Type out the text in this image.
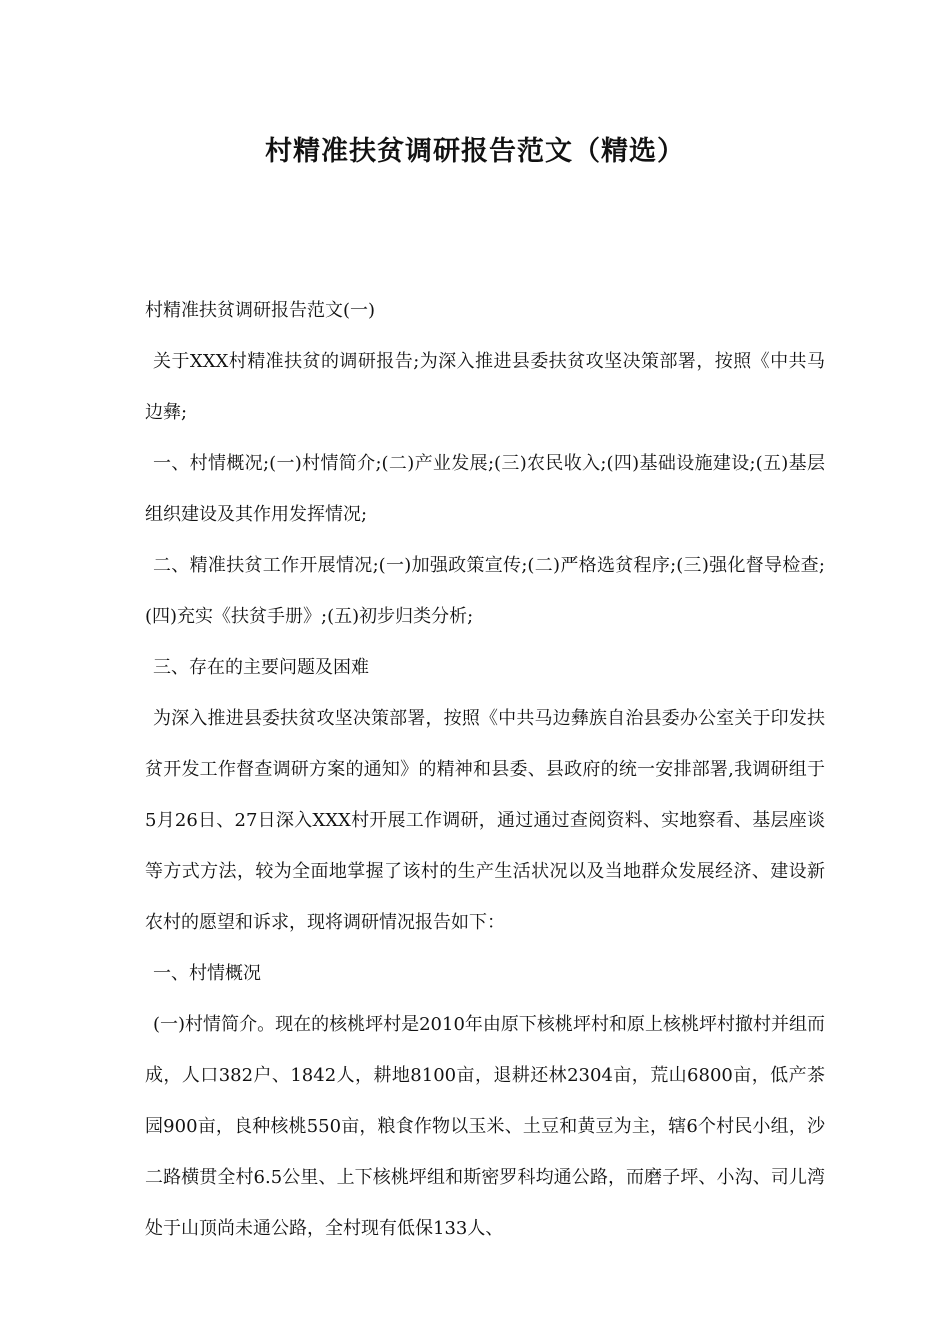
村精准扶贫调研报告范文（精选）

村精准扶贫调研报告范文(一)

关于XXX村精准扶贫的调研报告;为深入推进县委扶贫攻坚决策部署，按照《中共马边彝;

一、村情概况;(一)村情简介;(二)产业发展;(三)农民收入;(四)基础设施建设;(五)基层组织建设及其作用发挥情况;

二、精准扶贫工作开展情况;(一)加强政策宣传;(二)严格选贫程序;(三)强化督导检查;(四)充实《扶贫手册》;(五)初步归类分析;

三、存在的主要问题及困难

为深入推进县委扶贫攻坚决策部署，按照《中共马边彝族自治县委办公室关于印发扶贫开发工作督查调研方案的通知》的精神和县委、县政府的统一安排部署,我调研组于5月26日、27日深入XXX村开展工作调研，通过通过查阅资料、实地察看、基层座谈等方式方法，较为全面地掌握了该村的生产生活状况以及当地群众发展经济、建设新农村的愿望和诉求，现将调研情况报告如下：

一、村情概况

(一)村情简介。现在的核桃坪村是2010年由原下核桃坪村和原上核桃坪村撤村并组而成，人口382户、1842人，耕地8100亩，退耕还林2304亩，荒山6800亩，低产茶园900亩，良种核桃550亩，粮食作物以玉米、土豆和黄豆为主，辖6个村民小组，沙二路横贯全村6.5公里、上下核桃坪组和斯密罗科均通公路，而磨子坪、小沟、司儿湾处于山顶尚未通公路，全村现有低保133人、
